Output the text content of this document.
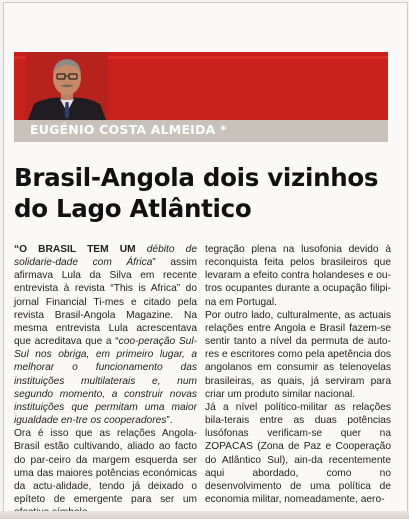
EUGÉNIO COSTA ALMEIDA *
Brasil-Angola dois vizinhos do Lago Atlântico

“O BRASIL TEM UM débito de solidarie-dade com África” assim afirmava Lula da Silva em recente entrevista à revista “This is Africa” do jornal Financial Ti-mes e citado pela revista Brasil-Angola Magazine. Na mesma entrevista Lula acrescentava que acreditava que a “coo-peração Sul-Sul nos obriga, em primeiro lugar, a melhorar o funcionamento das instituições multilaterais e, num segundo momento, a construir novas instituições que permitam uma maior igualdade en-tre os cooperadores”.

Ora é isso que as relações Angola-Brasil estão cultivando, aliado ao facto do par-ceiro da margem esquerda ser uma das maiores potências económicas da actu-alidade, tendo já deixado o epíteto de emergente para ser um

tegração plena na lusofonia devido à reconquista feita pelos brasileiros que levaram a efeito contra holandeses e ou-tros ocupantes durante a ocupação filipi-na em Portugal.

Por outro lado, culturalmente, as actuais relações entre Angola e Brasil fazem-se sentir tanto a nível da permuta de auto-res e escritores como pela apetência dos angolanos em consumir as telenovelas brasileiras, as quais, já serviram para criar um produto similar nacional.

Já a nível político-militar as relações bila-terais entre as duas potências lusófonas verificam-se quer na ZOPACAS (Zona de Paz e Cooperação do Atlântico Sul), ain-da recentemente aqui abordado, como no desenvolvimento de uma política de economia militar, nomeadamente, aero-
